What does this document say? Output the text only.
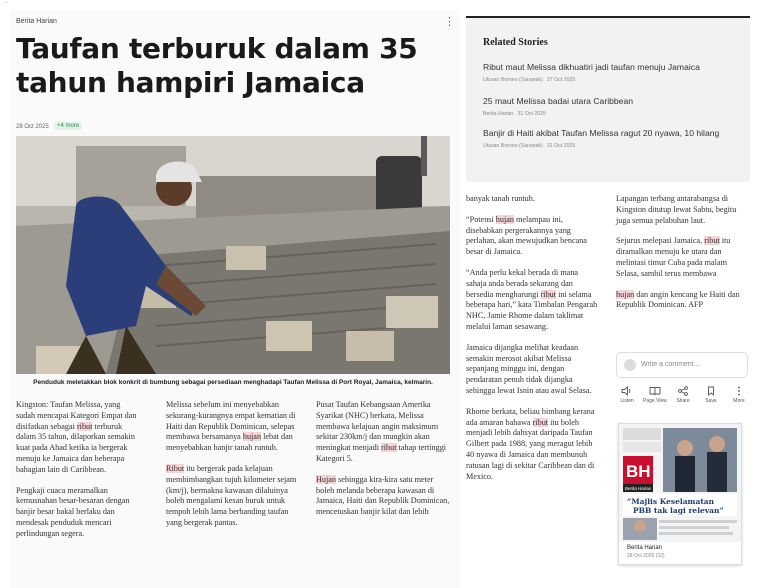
...
Berita Harian	⋮
Taufan terburuk dalam 35 tahun hampiri Jamaica
28 Oct 2025	+4 more
Penduduk meletakkan blok konkrit di bumbung sebagai persediaan menghadapi Taufan Melissa di Port Royal, Jamaica, kelmarin.

Kingston: Taufan Melissa, yang sudah mencapai Kategori Empat dan disifatkan sebagai ribut terburuk dalam 35 tahun, dilaporkan semakin kuat pada Ahad ketika ia bergerak menuju ke Jamaica dan beberapa bahagian lain di Caribbean.

Pengkaji cuaca meramalkan kemusnahan besar-besaran dengan banjir besar bakal berlaku dan mendesak penduduk mencari perlindungan segera.

Melissa sebelum ini menyebabkan sekurang-kurangnya empat kematian di Haiti dan Republik Dominican, selepas membawa bersamanya hujan lebat dan menyebabkan banjir tanah runtuh.

Ribut itu bergerak pada kelajuan membimbangkan tujuh kilometer sejam (km/j), bermakna kawasan dilaluinya boleh mengalami kesan buruk untuk tempoh lebih lama berbanding taufan yang bergerak pantas.

Pusat Taufan Kebangsaan Amerika Syarikat (NHC) berkata, Melissa membawa kelajuan angin maksimum sekitar 230km/j dan mungkin akan meningkat menjadi ribut tahap tertinggi Kategori 5.

Hujan sehingga kira-kira satu meter boleh melanda beberapa kawasan di Jamaica, Haiti dan Republik Dominican, mencetuskan banjir kilat dan lebih

banyak tanah runtuh.

“Potensi hujan melampau ini, disebabkan pergerakannya yang perlahan, akan mewujudkan bencana besar di Jamaica.

“Anda perlu kekal berada di mana sahaja anda berada sekarang dan bersedia mengharungi ribut ini selama beberapa hari,” kata Timbalan Pengarah NHC, Jamie Rhome dalam taklimat melalui laman sesawang.

Jamaica dijangka melihat keadaan semakin merosot akibat Melissa sepanjang minggu ini, dengan pendaratan penuh tidak dijangka sehingga lewat Isnin atau awal Selasa.

Rhome berkata, beliau bimbang kerana ada amaran bahawa ribut itu boleh menjadi lebih dahsyat daripada Taufan Gilbert pada 1988, yang meragut lebih 40 nyawa di Jamaica dan membunuh ratusan lagi di sekitar Caribbean dan di Mexico.

Lapangan terbang antarabangsa di Kingston ditutup lewat Sabtu, begitu juga semua pelabuhan laut.

Sejurus melepasi Jamaica, ribut itu diramalkan menuju ke utara dan melintasi timur Cuba pada malam Selasa, sambil terus membawa

hujan dan angin kencang ke Haiti dan Republik Dominican. AFP

Related Stories
Ribut maut Melissa dikhuatiri jadi taufan menuju Jamaica
Utusan Borneo (Sarawak) 27 Oct 2025
25 maut Melissa badai utara Caribbean
Berita Harian 31 Oct 2025
Banjir di Haiti akibat Taufan Melissa ragut 20 nyawa, 10 hilang
Utusan Borneo (Sarawak) 31 Oct 2025
Write a comment...
Listen	Page View	Share	Save	More
BH
Berita Harian
“Majlis Keselamatan
PBB tak lagi relevan”
Berita Harian
28 Oct 2025 (32)
